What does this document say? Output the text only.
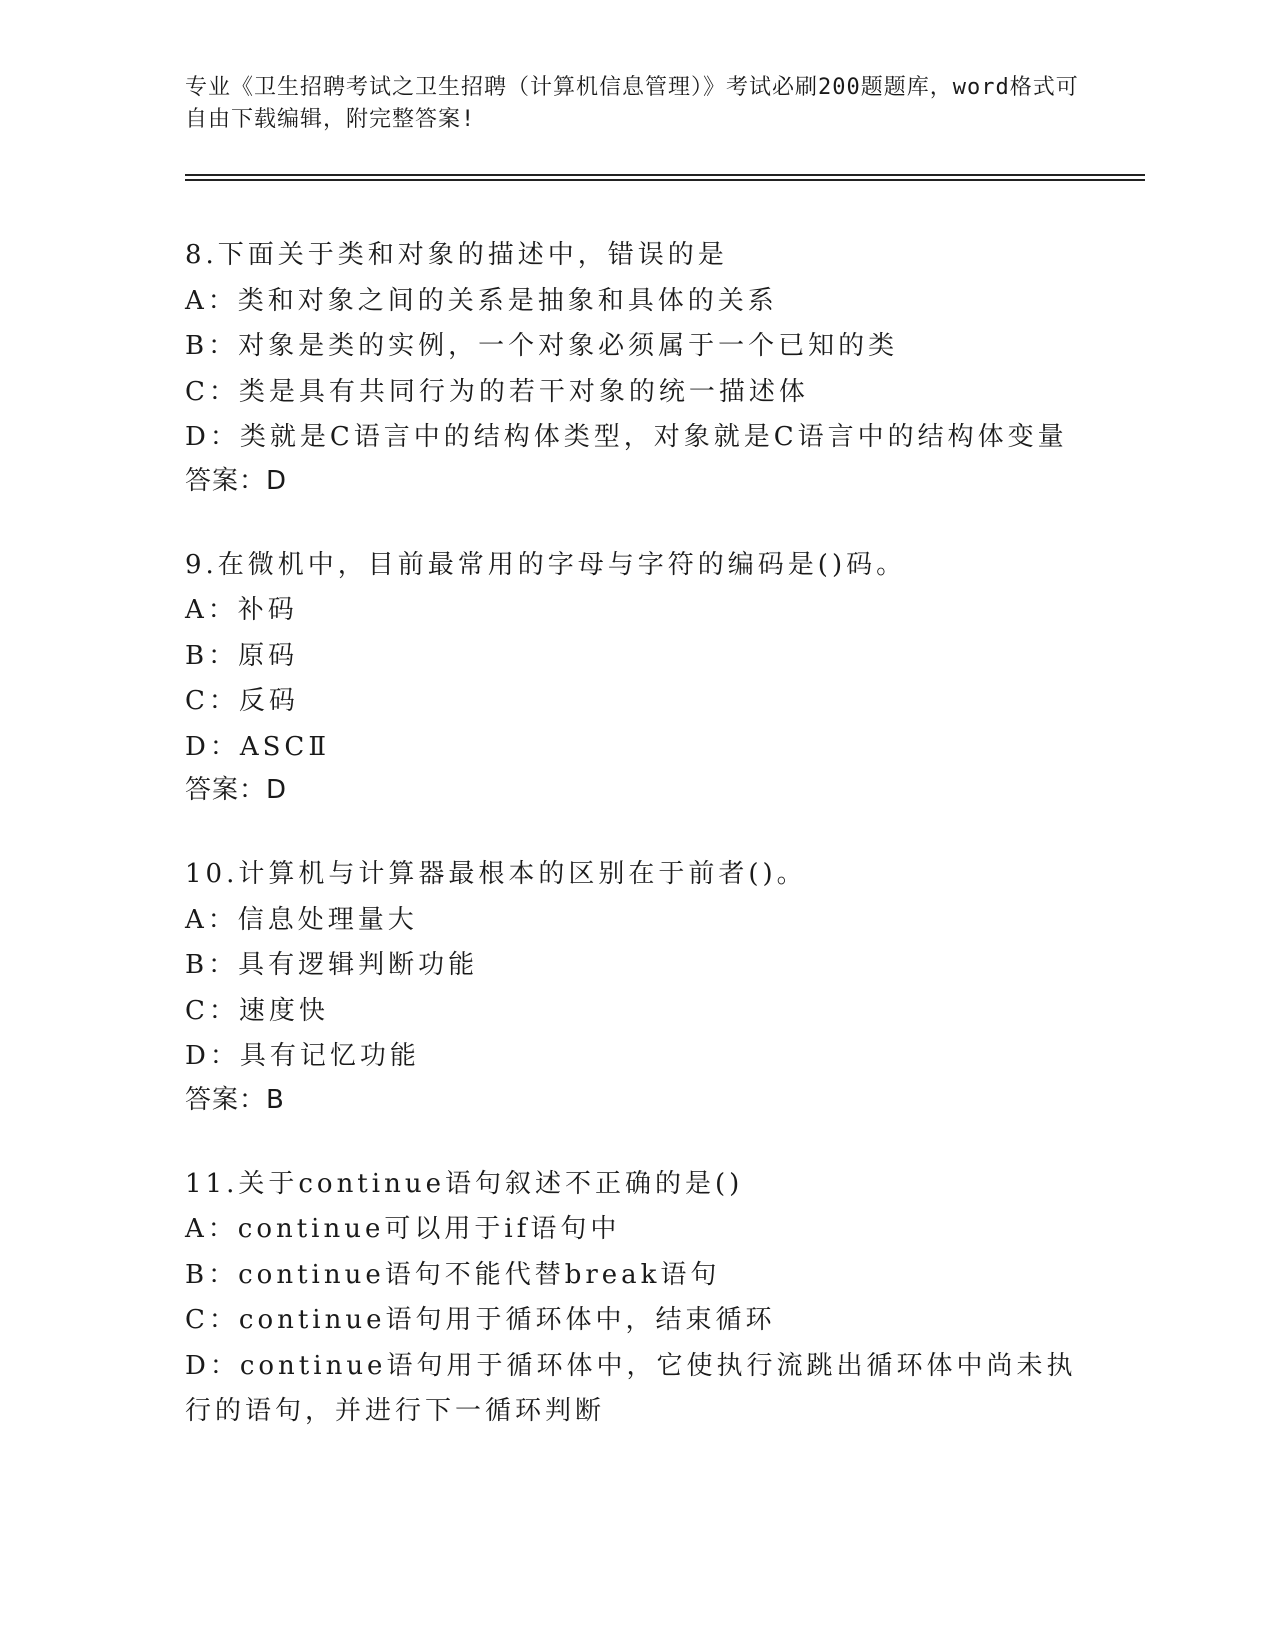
专业《卫生招聘考试之卫生招聘（计算机信息管理）》考试必刷200题题库，word格式可自由下载编辑，附完整答案!

8.下面关于类和对象的描述中，错误的是
A：类和对象之间的关系是抽象和具体的关系
B：对象是类的实例，一个对象必须属于一个已知的类
C：类是具有共同行为的若干对象的统一描述体
D：类就是C语言中的结构体类型，对象就是C语言中的结构体变量
答案：D
9.在微机中，目前最常用的字母与字符的编码是()码。
A：补码
B：原码
C：反码
D：ASCⅡ
答案：D
10.计算机与计算器最根本的区别在于前者()。
A：信息处理量大
B：具有逻辑判断功能
C：速度快
D：具有记忆功能
答案：B
11.关于continue语句叙述不正确的是()
A：continue可以用于if语句中
B：continue语句不能代替break语句
C：continue语句用于循环体中，结束循环
D：continue语句用于循环体中，它使执行流跳出循环体中尚未执行的语句，并进行下一循环判断
